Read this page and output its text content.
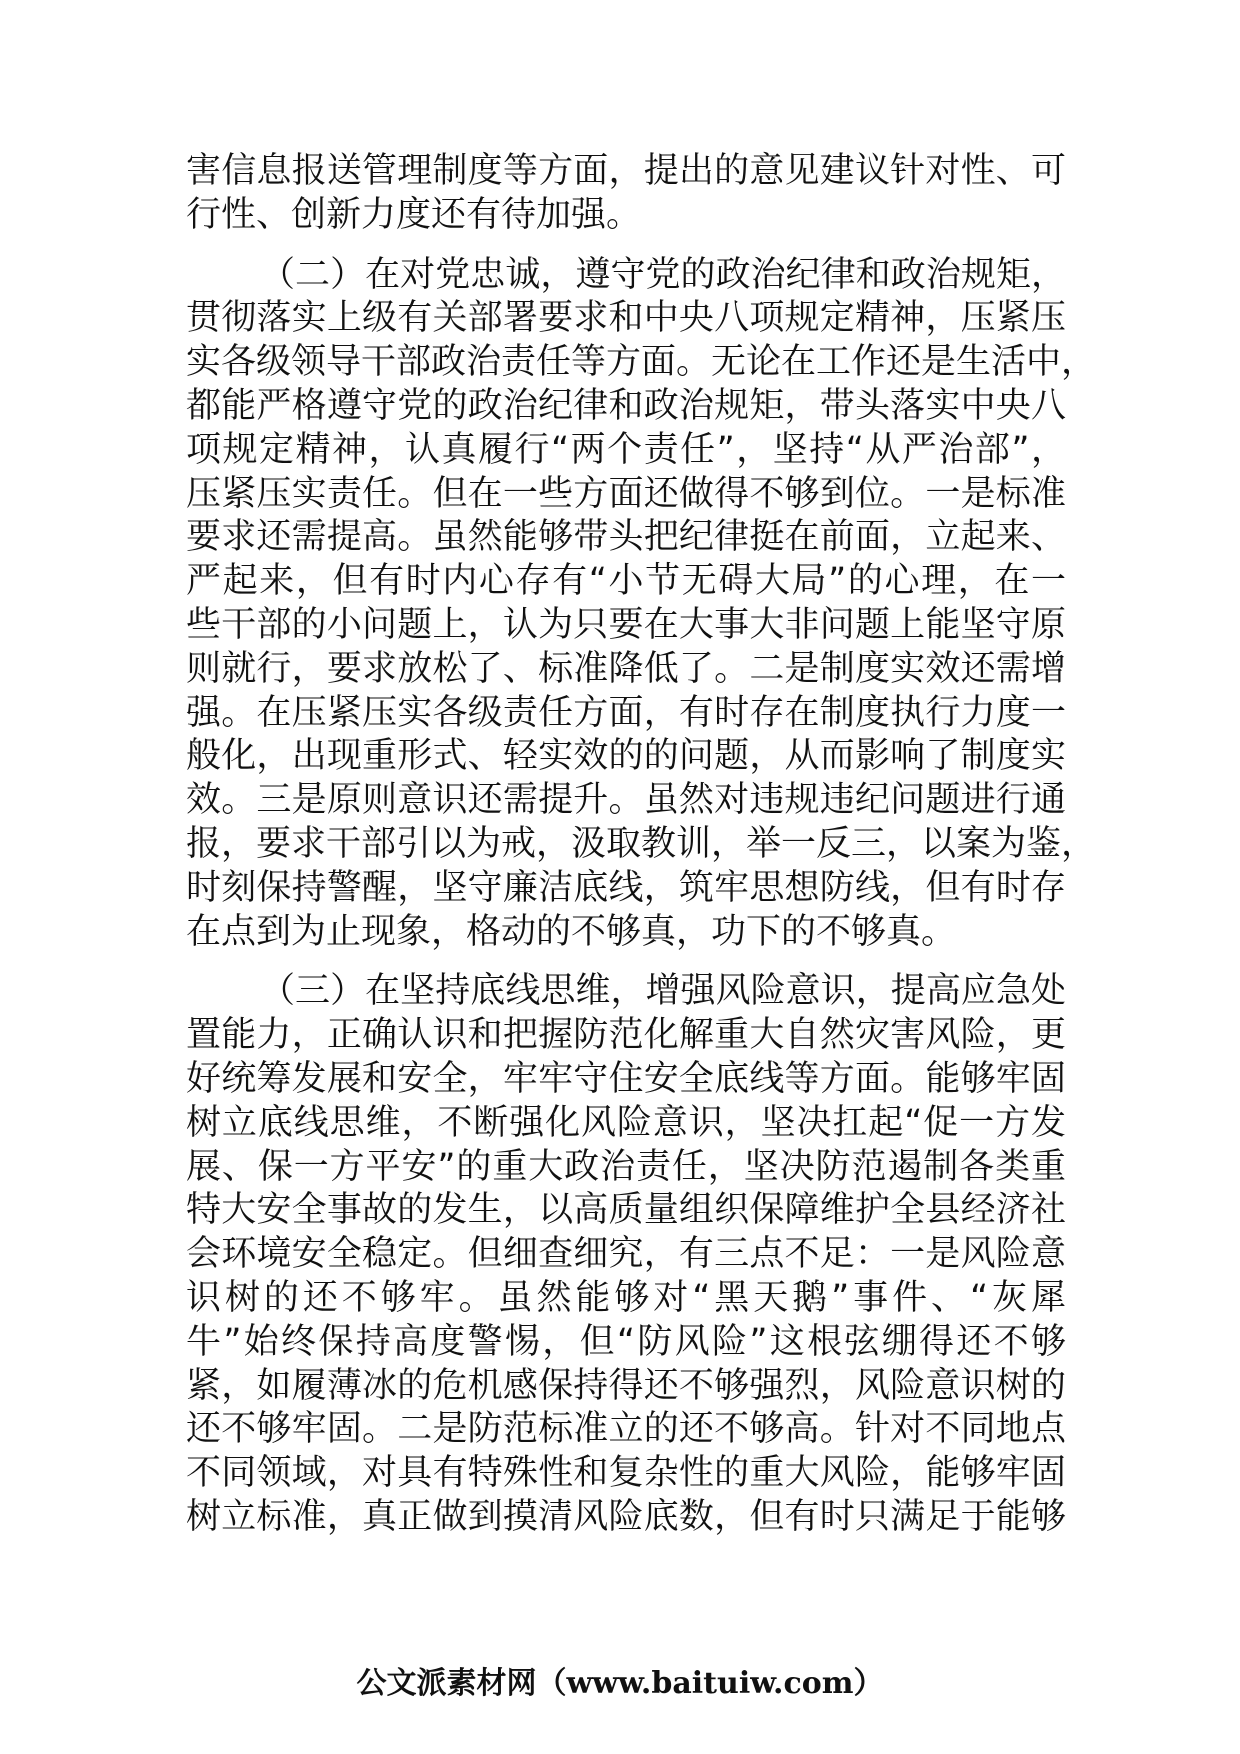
害信息报送管理制度等方面，提出的意见建议针对性、可
行性、创新力度还有待加强。
（二）在对党忠诚，遵守党的政治纪律和政治规矩，
贯彻落实上级有关部署要求和中央八项规定精神，压紧压
实各级领导干部政治责任等方面。无论在工作还是生活中，
都能严格遵守党的政治纪律和政治规矩，带头落实中央八
项规定精神，认真履行“两个责任”，坚持“从严治部”，
压紧压实责任。但在一些方面还做得不够到位。一是标准
要求还需提高。虽然能够带头把纪律挺在前面，立起来、
严起来，但有时内心存有“小节无碍大局”的心理，在一
些干部的小问题上，认为只要在大事大非问题上能坚守原
则就行，要求放松了、标准降低了。二是制度实效还需增
强。在压紧压实各级责任方面，有时存在制度执行力度一
般化，出现重形式、轻实效的的问题，从而影响了制度实
效。三是原则意识还需提升。虽然对违规违纪问题进行通
报，要求干部引以为戒，汲取教训，举一反三，以案为鉴，
时刻保持警醒，坚守廉洁底线，筑牢思想防线，但有时存
在点到为止现象，格动的不够真，功下的不够真。
（三）在坚持底线思维，增强风险意识，提高应急处
置能力，正确认识和把握防范化解重大自然灾害风险，更
好统筹发展和安全，牢牢守住安全底线等方面。能够牢固
树立底线思维，不断强化风险意识，坚决扛起“促一方发
展、保一方平安”的重大政治责任，坚决防范遏制各类重
特大安全事故的发生，以高质量组织保障维护全县经济社
会环境安全稳定。但细查细究，有三点不足：一是风险意
识树的还不够牢。虽然能够对“黑天鹅”事件、“灰犀
牛”始终保持高度警惕，但“防风险”这根弦绷得还不够
紧，如履薄冰的危机感保持得还不够强烈，风险意识树的
还不够牢固。二是防范标准立的还不够高。针对不同地点
不同领域，对具有特殊性和复杂性的重大风险，能够牢固
树立标准，真正做到摸清风险底数，但有时只满足于能够
公文派素材网（www.baituiw.com）
